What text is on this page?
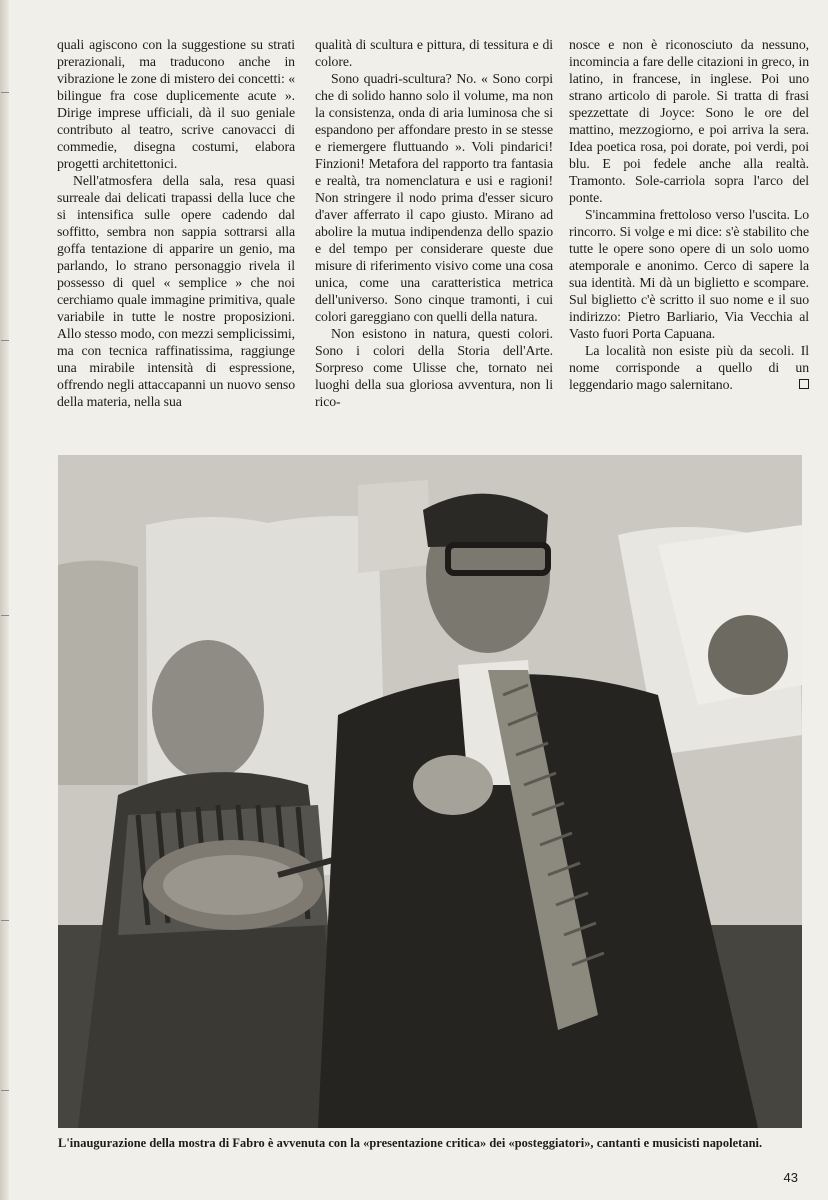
quali agiscono con la suggestione su strati prerazionali, ma traducono anche in vibrazione le zone di mistero dei concetti: « bilingue fra cose duplicemente acute ». Dirige imprese ufficiali, dà il suo geniale contributo al teatro, scrive canovacci di commedie, disegna costumi, elabora progetti architettonici.

Nell'atmosfera della sala, resa quasi surreale dai delicati trapassi della luce che si intensifica sulle opere cadendo dal soffitto, sembra non sappia sottrarsi alla goffa tentazione di apparire un genio, ma parlando, lo strano personaggio rivela il possesso di quel « semplice » che noi cerchiamo quale immagine primitiva, quale variabile in tutte le nostre proposizioni. Allo stesso modo, con mezzi semplicissimi, ma con tecnica raffinatissima, raggiunge una mirabile intensità di espressione, offrendo negli attaccapanni un nuovo senso della materia, nella sua

qualità di scultura e pittura, di tessitura e di colore.

Sono quadri-scultura? No. « Sono corpi che di solido hanno solo il volume, ma non la consistenza, onda di aria luminosa che si espandono per affondare presto in se stesse e riemergere fluttuando ». Voli pindarici! Finzioni! Metafora del rapporto tra fantasia e realtà, tra nomenclatura e usi e ragioni! Non stringere il nodo prima d'esser sicuro d'aver afferrato il capo giusto. Mirano ad abolire la mutua indipendenza dello spazio e del tempo per considerare queste due misure di riferimento visivo come una cosa unica, come una caratteristica metrica dell'universo. Sono cinque tramonti, i cui colori gareggiano con quelli della natura.

Non esistono in natura, questi colori. Sono i colori della Storia dell'Arte. Sorpreso come Ulisse che, tornato nei luoghi della sua gloriosa avventura, non li rico-

nosce e non è riconosciuto da nessuno, incomincia a fare delle citazioni in greco, in latino, in francese, in inglese. Poi uno strano articolo di parole. Si tratta di frasi spezzettate di Joyce: Sono le ore del mattino, mezzogiorno, e poi arriva la sera. Idea poetica rosa, poi dorate, poi verdi, poi blu. E poi fedele anche alla realtà. Tramonto. Sole-carriola sopra l'arco del ponte.

S'incammina frettoloso verso l'uscita. Lo rincorro. Si volge e mi dice: s'è stabilito che tutte le opere sono opere di un solo uomo atemporale e anonimo. Cerco di sapere la sua identità. Mi dà un biglietto e scompare. Sul biglietto c'è scritto il suo nome e il suo indirizzo: Pietro Barliario, Via Vecchia al Vasto fuori Porta Capuana.

La località non esiste più da secoli. Il nome corrisponde a quello di un leggendario mago salernitano.

L'inaugurazione della mostra di Fabro è avvenuta con la «presentazione critica» dei «posteggiatori», cantanti e musicisti napoletani.
43
